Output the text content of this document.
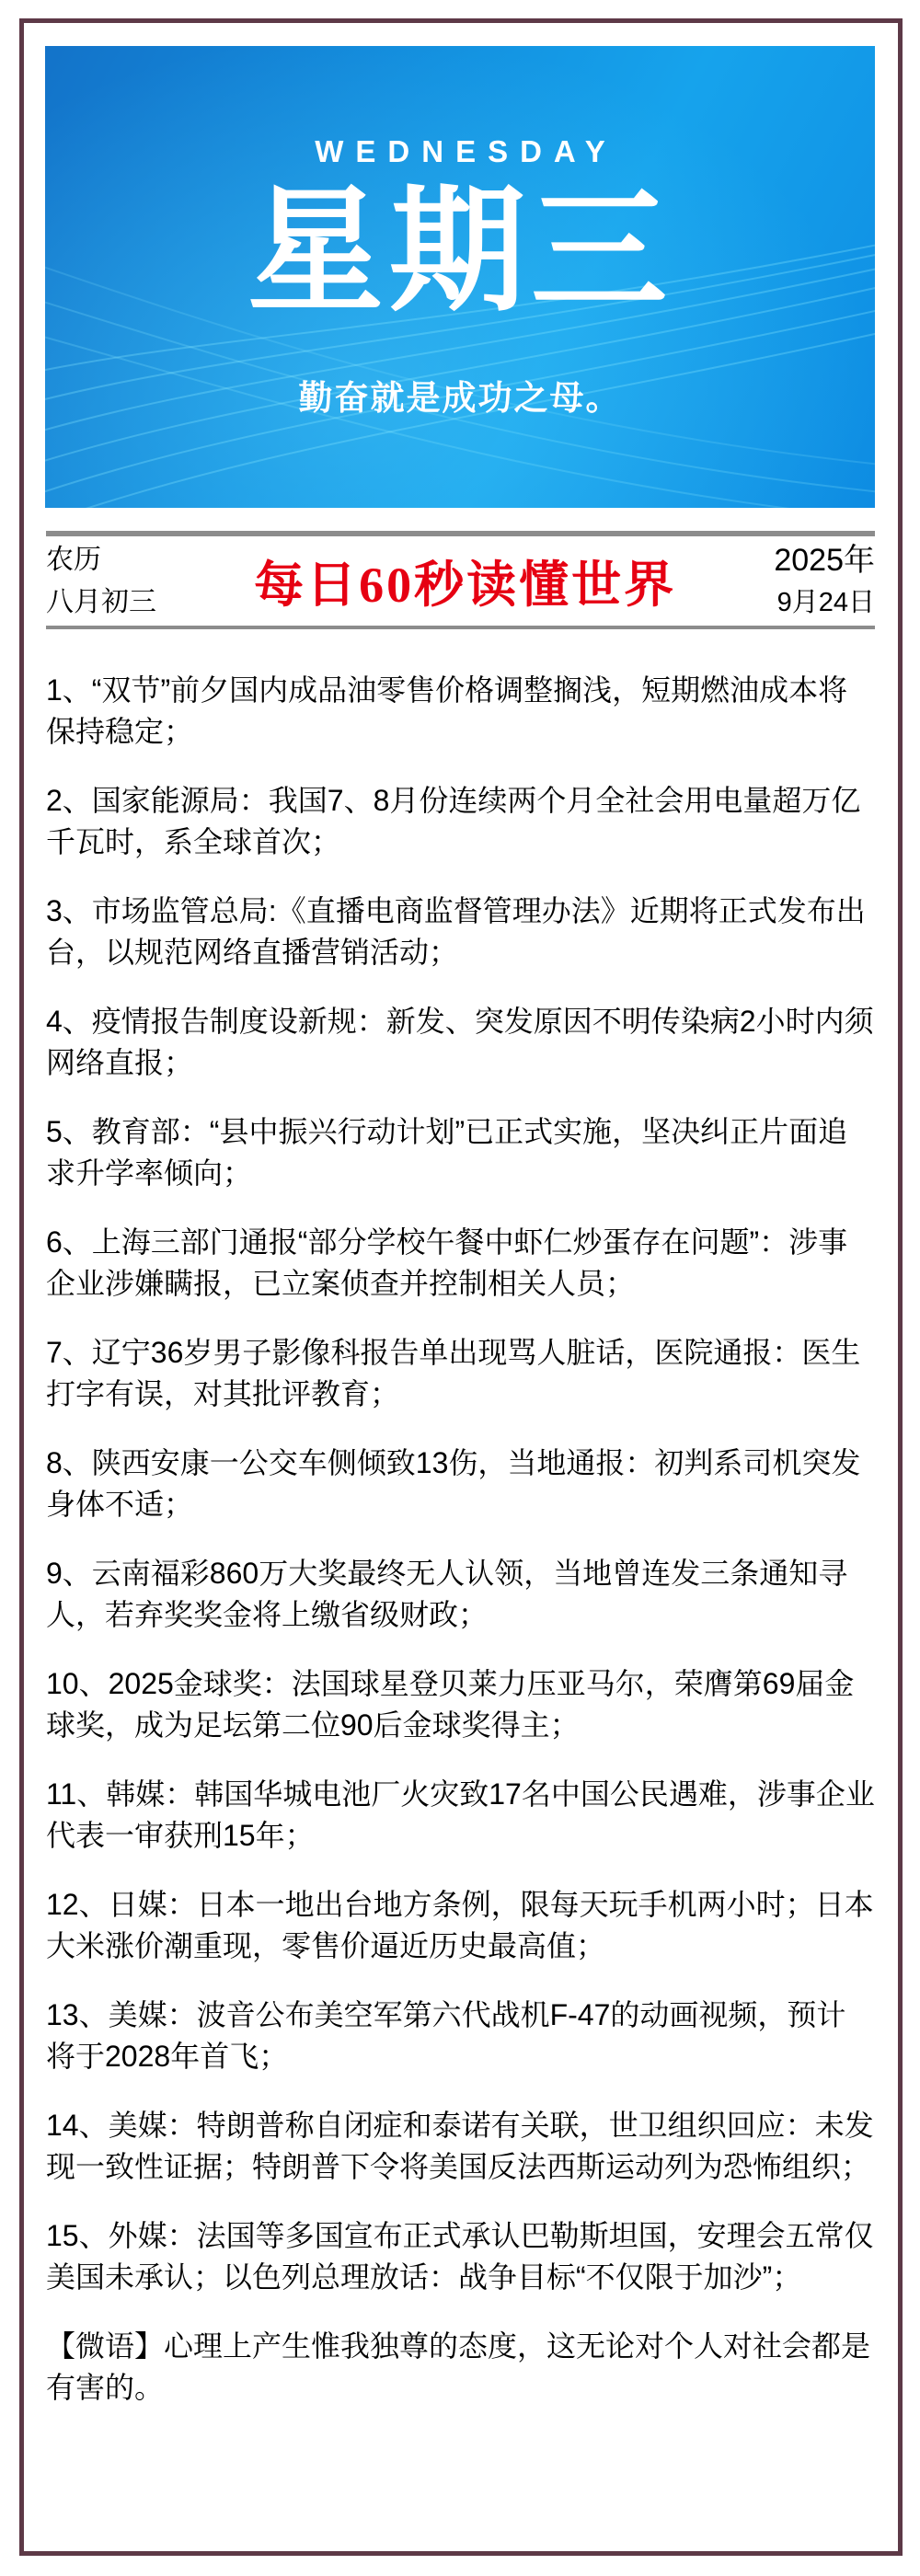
WEDNESDAY
星期三
勤奋就是成功之母。
农历
八月初三	每日60秒读懂世界	2025年
9月24日

1、“双节”前夕国内成品油零售价格调整搁浅，短期燃油成本将保持稳定；

2、国家能源局：我国7、8月份连续两个月全社会用电量超万亿千瓦时，系全球首次；

3、市场监管总局:《直播电商监督管理办法》近期将正式发布出台，以规范网络直播营销活动；

4、疫情报告制度设新规：新发、突发原因不明传染病2小时内须网络直报；

5、教育部：“县中振兴行动计划”已正式实施，坚决纠正片面追求升学率倾向；

6、上海三部门通报“部分学校午餐中虾仁炒蛋存在问题”：涉事企业涉嫌瞒报，已立案侦查并控制相关人员；

7、辽宁36岁男子影像科报告单出现骂人脏话，医院通报：医生打字有误，对其批评教育；

8、陕西安康一公交车侧倾致13伤，当地通报：初判系司机突发身体不适；

9、云南福彩860万大奖最终无人认领，当地曾连发三条通知寻人，若弃奖奖金将上缴省级财政；

10、2025金球奖：法国球星登贝莱力压亚马尔，荣膺第69届金球奖，成为足坛第二位90后金球奖得主；

11、韩媒：韩国华城电池厂火灾致17名中国公民遇难，涉事企业代表一审获刑15年；

12、日媒：日本一地出台地方条例，限每天玩手机两小时；日本大米涨价潮重现，零售价逼近历史最高值；

13、美媒：波音公布美空军第六代战机F-47的动画视频，预计将于2028年首飞；

14、美媒：特朗普称自闭症和泰诺有关联，世卫组织回应：未发现一致性证据；特朗普下令将美国反法西斯运动列为恐怖组织；

15、外媒：法国等多国宣布正式承认巴勒斯坦国，安理会五常仅美国未承认；以色列总理放话：战争目标“不仅限于加沙”；

【微语】心理上产生惟我独尊的态度，这无论对个人对社会都是有害的。
